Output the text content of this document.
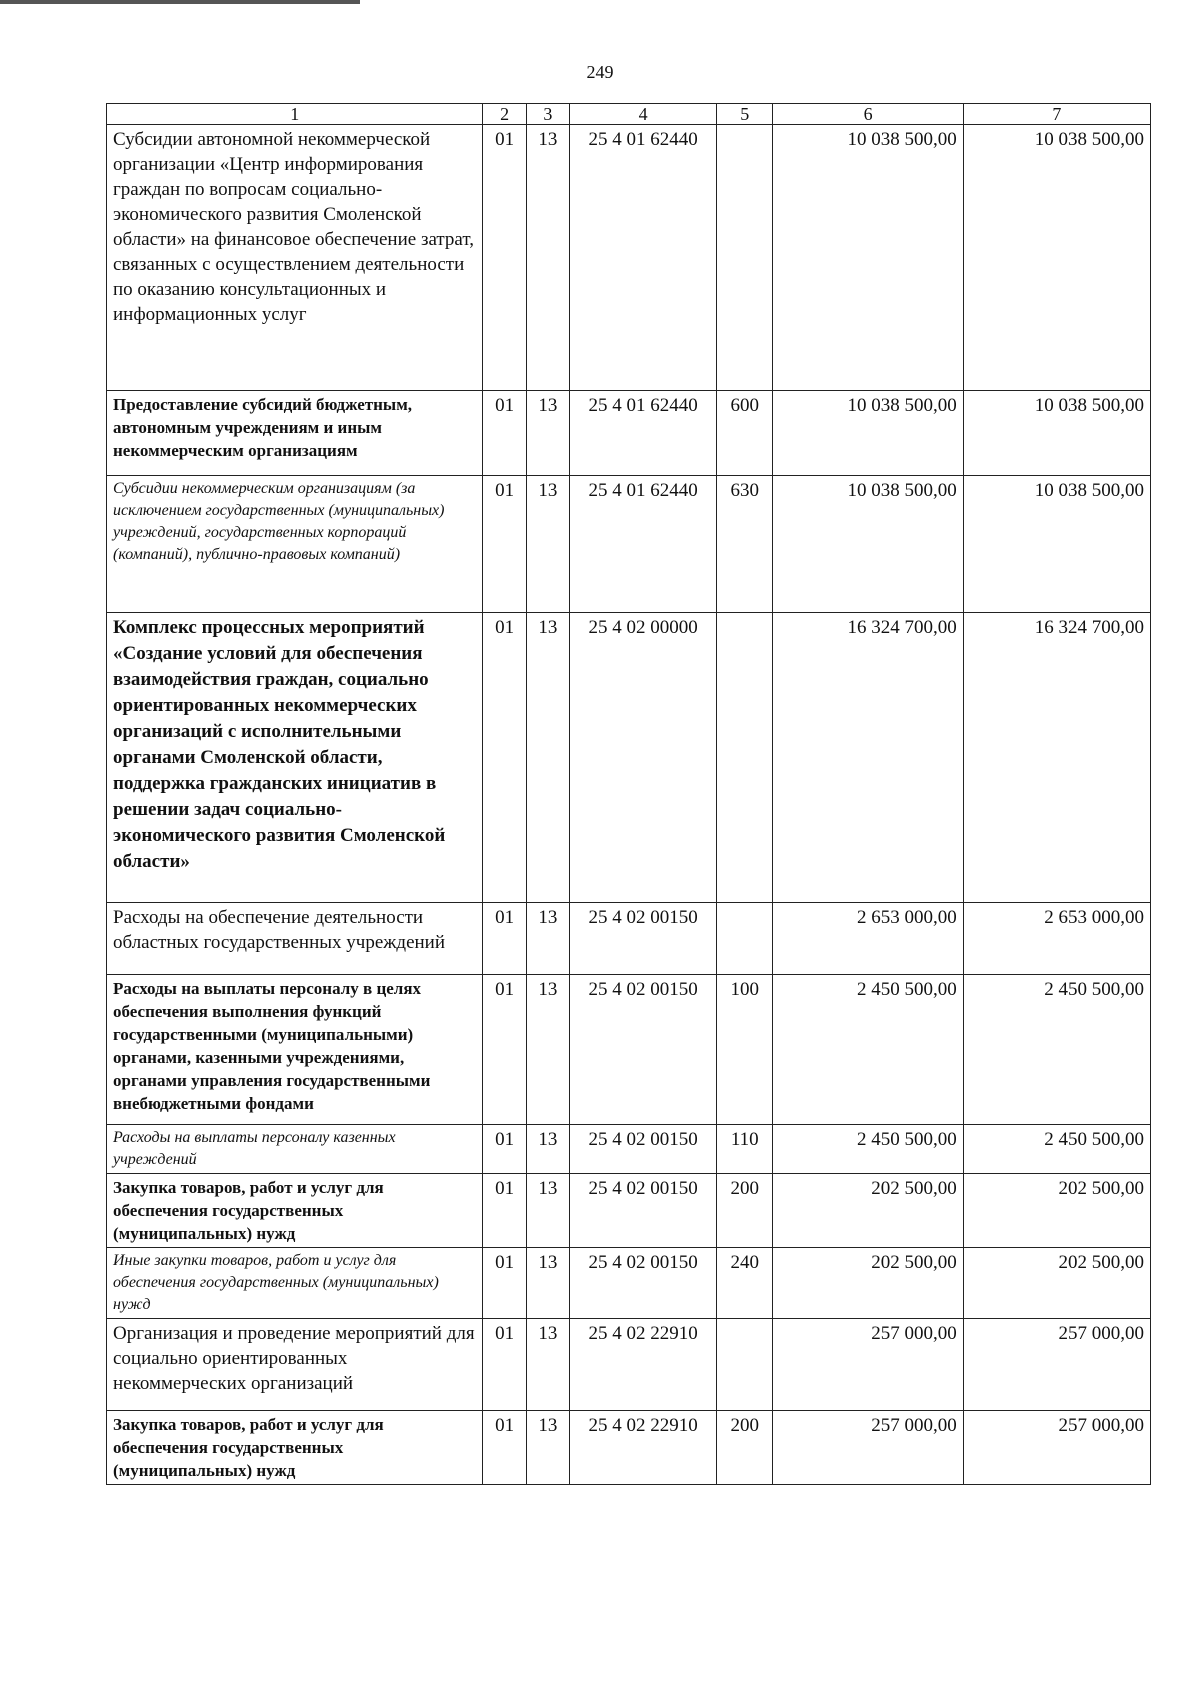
249
1	2	3	4	5	6	7
Субсидии автономной некоммерческой организации «Центр информирования граждан по вопросам социально-экономического развития Смоленской области» на финансовое обеспечение затрат, связанных с осуществлением деятельности по оказанию консультационных и информационных услуг	01	13	25 4 01 62440		10 038 500,00	10 038 500,00
Предоставление субсидий бюджетным, автономным учреждениям и иным некоммерческим организациям	01	13	25 4 01 62440	600	10 038 500,00	10 038 500,00
Субсидии некоммерческим организациям (за исключением государственных (муниципальных) учреждений, государственных корпораций (компаний), публично-правовых компаний)	01	13	25 4 01 62440	630	10 038 500,00	10 038 500,00
Комплекс процессных мероприятий «Создание условий для обеспечения взаимодействия граждан, социально ориентированных некоммерческих организаций с исполнительными органами Смоленской области, поддержка гражданских инициатив в решении задач социально-экономического развития Смоленской области»	01	13	25 4 02 00000		16 324 700,00	16 324 700,00
Расходы на обеспечение деятельности областных государственных учреждений	01	13	25 4 02 00150		2 653 000,00	2 653 000,00
Расходы на выплаты персоналу в целях обеспечения выполнения функций государственными (муниципальными) органами, казенными учреждениями, органами управления государственными внебюджетными фондами	01	13	25 4 02 00150	100	2 450 500,00	2 450 500,00
Расходы на выплаты персоналу казенных учреждений	01	13	25 4 02 00150	110	2 450 500,00	2 450 500,00
Закупка товаров, работ и услуг для обеспечения государственных (муниципальных) нужд	01	13	25 4 02 00150	200	202 500,00	202 500,00
Иные закупки товаров, работ и услуг для обеспечения государственных (муниципальных) нужд	01	13	25 4 02 00150	240	202 500,00	202 500,00
Организация и проведение мероприятий для социально ориентированных некоммерческих организаций	01	13	25 4 02 22910		257 000,00	257 000,00
Закупка товаров, работ и услуг для обеспечения государственных (муниципальных) нужд	01	13	25 4 02 22910	200	257 000,00	257 000,00
